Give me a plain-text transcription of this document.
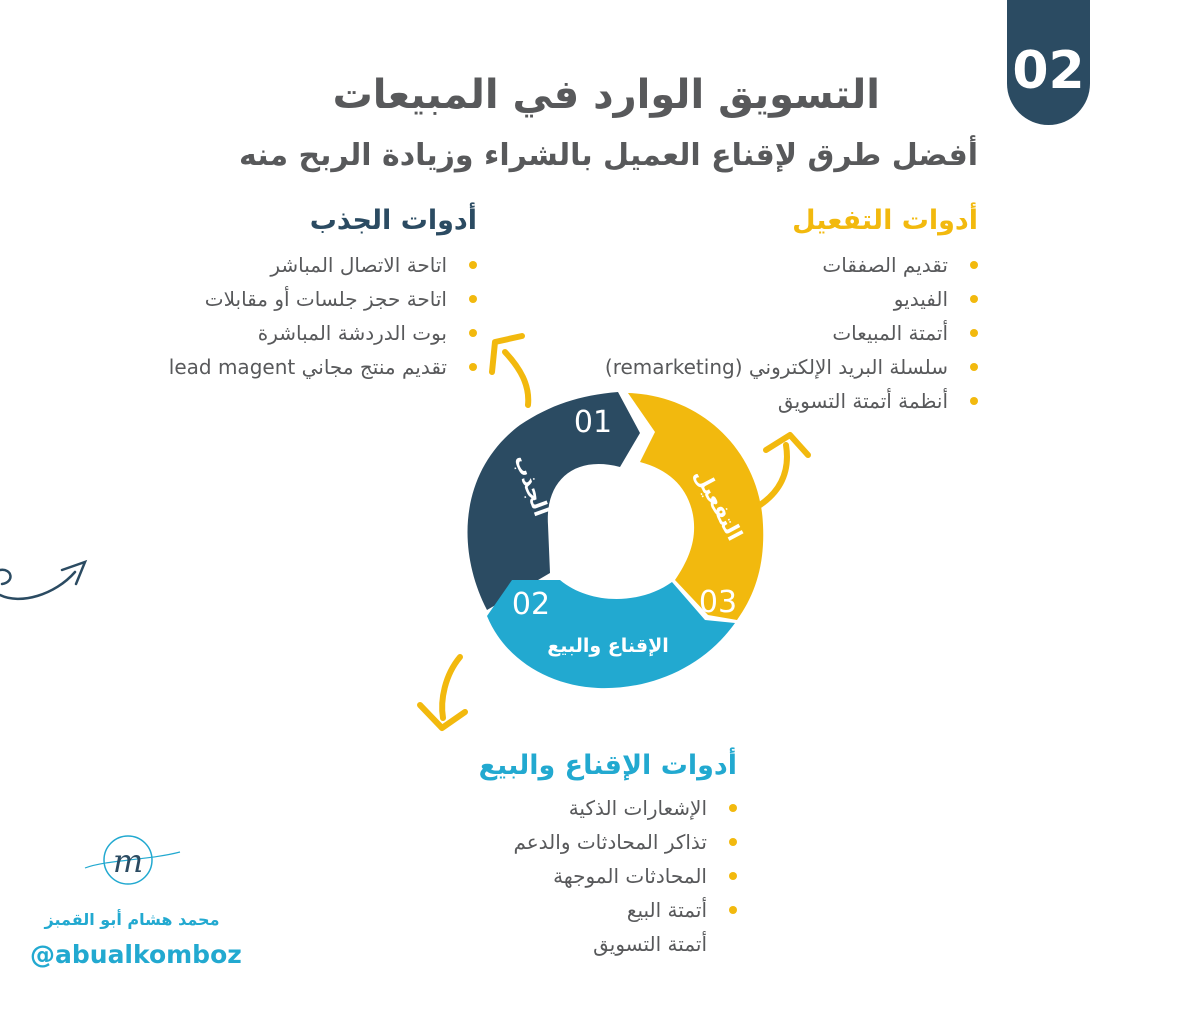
02
التسويق الوارد في المبيعات
أفضل طرق لإقناع العميل بالشراء وزيادة الربح منه
أدوات التفعيل
تقديم الصفقات
الفيديو
أتمتة المبيعات
سلسلة البريد الإلكتروني (remarketing)
أنظمة أتمتة التسويق
أدوات الجذب
اتاحة الاتصال المباشر
اتاحة حجز جلسات أو مقابلات
بوت الدردشة المباشرة
تقديم منتج مجاني lead magent
أدوات الإقناع والبيع
الإشعارات الذكية
تذاكر المحادثات والدعم
المحادثات الموجهة
أتمتة البيع
أتمتة التسويق
01
02	03
الجذب	التفعيل
الإقناع والبيع
m
محمد هشام أبو القمبز
@abualkomboz
